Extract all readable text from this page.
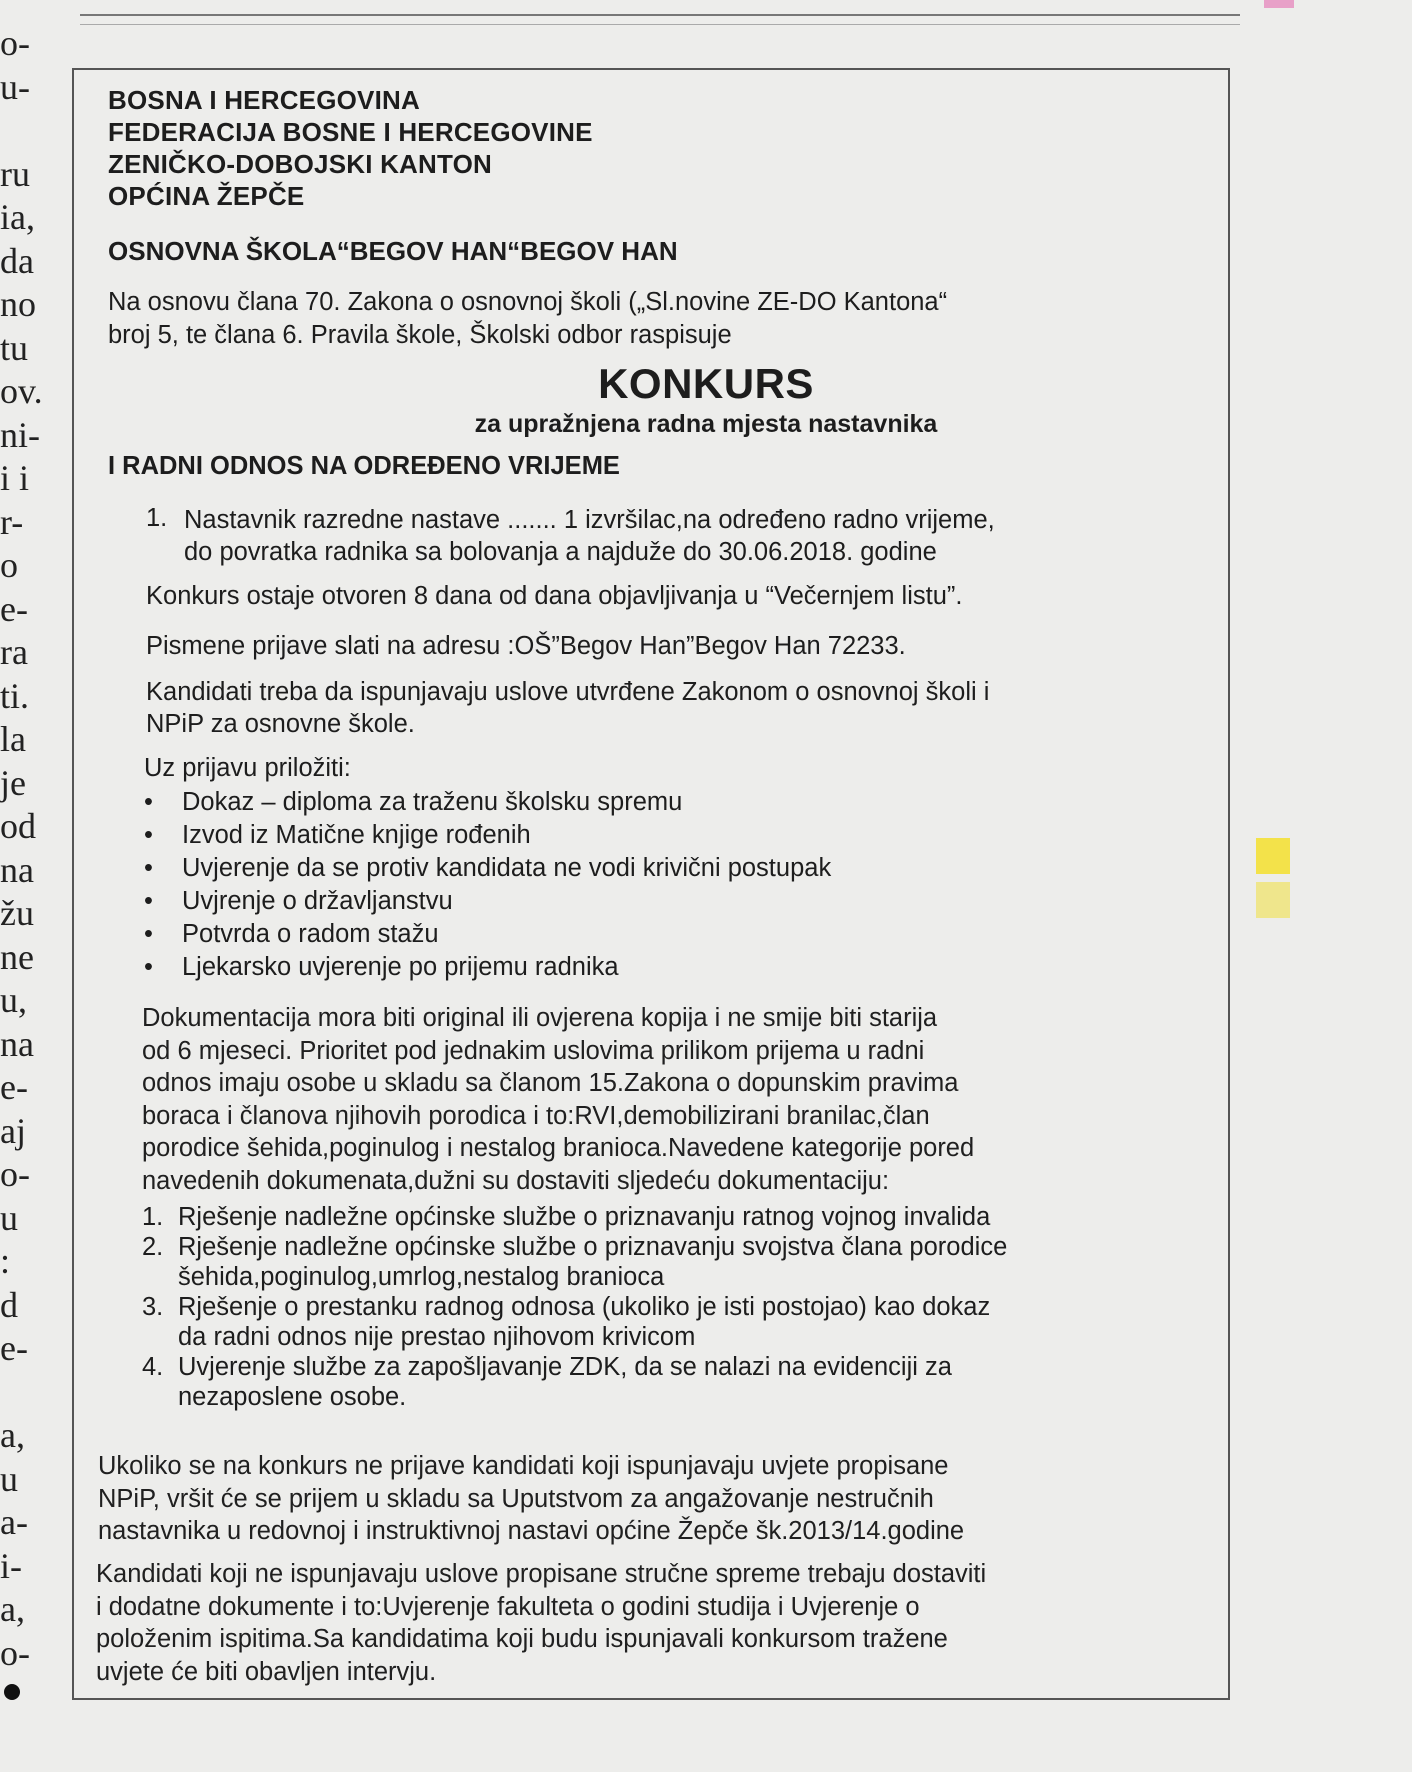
o-
u-
ru
ia,
da
no
tu
ov.
ni-
i i
r-
o
e-
ra
ti.
la
je
od
na
žu
ne
u,
na
e-
aj
o-
u
:
d
e-
a,
u
a-
i-
a,
o-
BOSNA I HERCEGOVINA
FEDERACIJA BOSNE I HERCEGOVINE
ZENIČKO-DOBOJSKI KANTON
OPĆINA ŽEPČE
OSNOVNA ŠKOLA“BEGOV HAN“BEGOV HAN
Na osnovu člana 70. Zakona o osnovnoj školi („Sl.novine ZE-DO Kantona“
broj 5, te člana 6. Pravila škole, Školski odbor raspisuje
KONKURS
za upražnjena radna mjesta nastavnika
I RADNI ODNOS NA ODREĐENO VRIJEME
1. Nastavnik razredne nastave ....... 1 izvršilac,na određeno radno vrijeme,
do povratka radnika sa bolovanja a najduže do 30.06.2018. godine
Konkurs ostaje otvoren 8 dana od dana objavljivanja u “Večernjem listu”.
Pismene prijave slati na adresu :OŠ”Begov Han”Begov Han 72233.
Kandidati treba da ispunjavaju uslove utvrđene Zakonom o osnovnoj školi i
NPiP za osnovne škole.
Uz prijavu priložiti:
• Dokaz – diploma za traženu školsku spremu
• Izvod iz Matične knjige rođenih
• Uvjerenje da se protiv kandidata ne vodi krivični postupak
• Uvjrenje o državljanstvu
• Potvrda o radom stažu
• Ljekarsko uvjerenje po prijemu radnika
Dokumentacija mora biti original ili ovjerena kopija i ne smije biti starija
od 6 mjeseci. Prioritet pod jednakim uslovima prilikom prijema u radni
odnos imaju osobe u skladu sa članom 15.Zakona o dopunskim pravima
boraca i članova njihovih porodica i to:RVI,demobilizirani branilac,član
porodice šehida,poginulog i nestalog branioca.Navedene kategorije pored
navedenih dokumenata,dužni su dostaviti sljedeću dokumentaciju:
1. Rješenje nadležne općinske službe o priznavanju ratnog vojnog invalida
2. Rješenje nadležne općinske službe o priznavanju svojstva člana porodice
šehida,poginulog,umrlog,nestalog branioca
3. Rješenje o prestanku radnog odnosa (ukoliko je isti postojao) kao dokaz
da radni odnos nije prestao njihovom krivicom
4. Uvjerenje službe za zapošljavanje ZDK, da se nalazi na evidenciji za
nezaposlene osobe.
Ukoliko se na konkurs ne prijave kandidati koji ispunjavaju uvjete propisane
NPiP, vršit će se prijem u skladu sa Uputstvom za angažovanje nestručnih
nastavnika u redovnoj i instruktivnoj nastavi općine Žepče šk.2013/14.godine
Kandidati koji ne ispunjavaju uslove propisane stručne spreme trebaju dostaviti
i dodatne dokumente i to:Uvjerenje fakulteta o godini studija i Uvjerenje o
položenim ispitima.Sa kandidatima koji budu ispunjavali konkursom tražene
uvjete će biti obavljen intervju.
